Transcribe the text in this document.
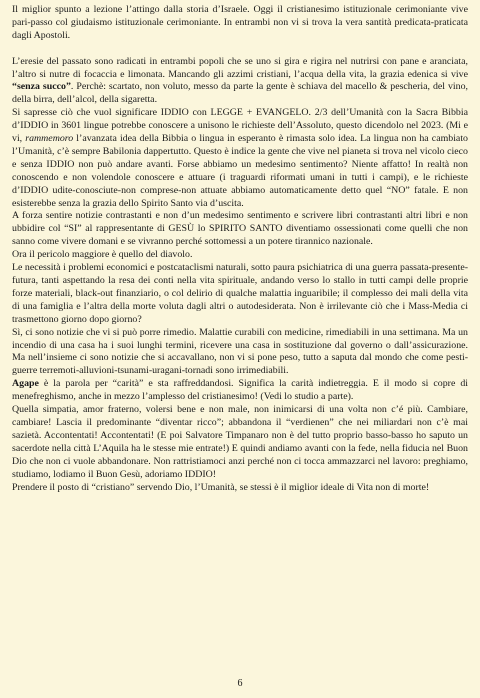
Il miglior spunto a lezione l’attingo dalla storia d’Israele. Oggi il cristianesimo istituzionale cerimoniante vive pari-passo col giudaismo istituzionale cerimoniante. In entrambi non vi si trova la vera santità predicata-praticata dagli Apostoli.

L’eresie del passato sono radicati in entrambi popoli che se uno si gira e rigira nel nutrirsi con pane e aranciata, l’altro si nutre di focaccia e limonata. Mancando gli azzimi cristiani, l’acqua della vita, la grazia edenica si vive “senza succo”. Perchè: scartato, non voluto, messo da parte la gente è schiava del macello & pescheria, del vino, della birra, dell’alcol, della sigaretta.

Si sapresse ciò che vuol significare IDDIO con LEGGE + EVANGELO. 2/3 dell’Umanità con la Sacra Bibbia d’IDDIO in 3601 lingue potrebbe conoscere a unisono le richieste dell’Assoluto, questo dicendolo nel 2023. (Mi e vi, rammemoro l’avanzata idea della Bibbia o lingua in esperanto è rimasta solo idea. La lingua non ha cambiato l’Umanità, c’è sempre Babilonia dappertutto. Questo è indice la gente che vive nel pianeta si trova nel vicolo cieco e senza IDDIO non può andare avanti. Forse abbiamo un medesimo sentimento? Niente affatto! In realtà non conoscendo e non volendole conoscere e attuare (i traguardi riformati umani in tutti i campi), e le richieste d’IDDIO udite-conosciute-non comprese-non attuate abbiamo automaticamente detto quel “NO” fatale. E non esisterebbe senza la grazia dello Spirito Santo via d’uscita.

A forza sentire notizie contrastanti e non d’un medesimo sentimento e scrivere libri contrastanti altri libri e non ubbidire col “SI” al rappresentante di GESÙ lo SPIRITO SANTO diventiamo ossessionati come quelli che non sanno come vivere domani e se vivranno perché sottomessi a un potere tirannico nazionale.

Ora il pericolo maggiore è quello del diavolo.

Le necessità i problemi economici e postcataclismi naturali, sotto paura psichiatrica di una guerra passata-presente-futura, tanti aspettando la resa dei conti nella vita spirituale, andando verso lo stallo in tutti campi delle proprie forze materiali, black-out finanziario, o col delirio di qualche malattia inguaribile; il complesso dei mali della vita di una famiglia e l’altra della morte voluta dagli altri o autodesiderata. Non è irrilevante ciò che i Mass-Media ci trasmettono giorno dopo giorno?

Sì, ci sono notizie che vi si può porre rimedio. Malattie curabili con medicine, rimediabili in una settimana. Ma un incendio di una casa ha i suoi lunghi termini, ricevere una casa in sostituzione dal governo o dall’assicurazione. Ma nell’insieme ci sono notizie che si accavallano, non vi si pone peso, tutto a saputa dal mondo che come pesti-guerre terremoti-alluvioni-tsunami-uragani-tornadi sono irrimediabili.

Agape è la parola per “carità” e sta raffreddandosi. Significa la carità indietreggia. E il modo si copre di menefreghismo, anche in mezzo l’amplesso del cristianesimo! (Vedi lo studio a parte).

Quella simpatia, amor fraterno, volersi bene e non male, non inimicarsi di una volta non c’é più. Cambiare, cambiare! Lascia il predominante “diventar ricco”; abbandona il “verdienen” che nei miliardari non c’è mai sazietà. Accontentati! Accontentati! (E poi Salvatore Timpanaro non è del tutto proprio basso-basso ho saputo un sacerdote nella città L’Aquila ha le stesse mie entrate!) E quindi andiamo avanti con la fede, nella fiducia nel Buon Dio che non ci vuole abbandonare. Non rattristiamoci anzi perché non ci tocca ammazzarci nel lavoro: preghiamo, studiamo, lodiamo il Buon Gesù, adoriamo IDDIO!

Prendere il posto di “cristiano” servendo Dio, l’Umanità, se stessi è il miglior ideale di Vita non di morte!

6
